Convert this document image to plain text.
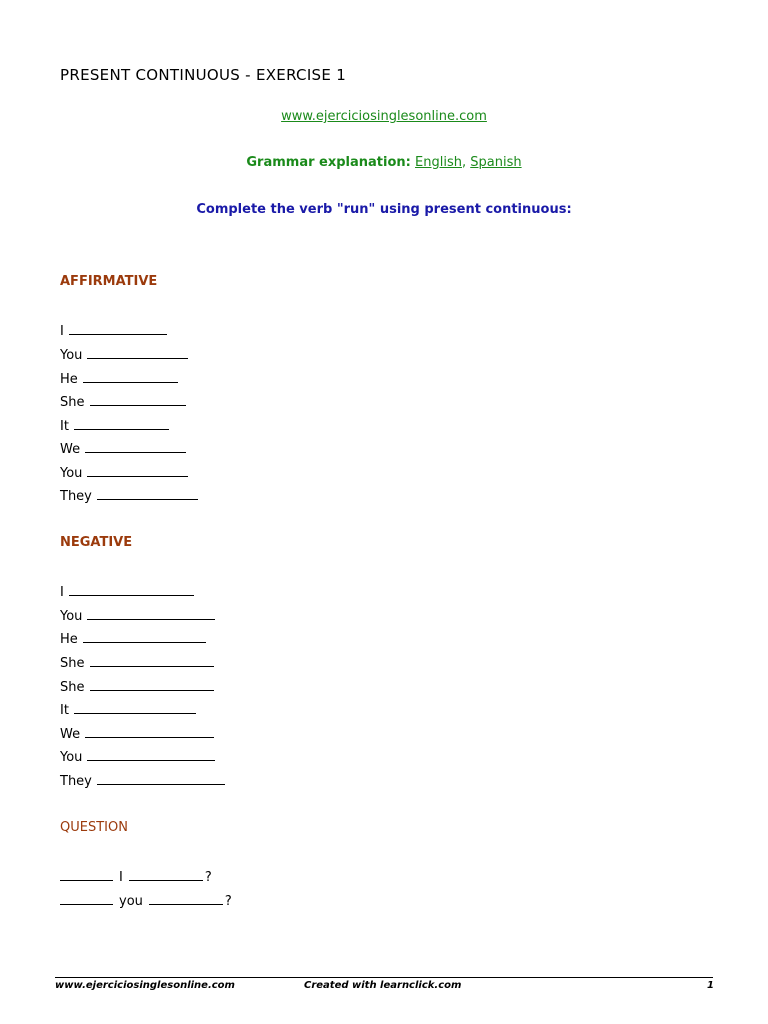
PRESENT CONTINUOUS - EXERCISE 1
www.ejerciciosinglesonline.com
Grammar explanation: English, Spanish
Complete the verb "run" using present continuous:
AFFIRMATIVE
I
You
He
She
It
We
You
They
NEGATIVE
I
You
He
She
She
It
We
You
They
QUESTION
I	?
you	?
www.ejerciciosinglesonline.com	Created with learnclick.com	1
